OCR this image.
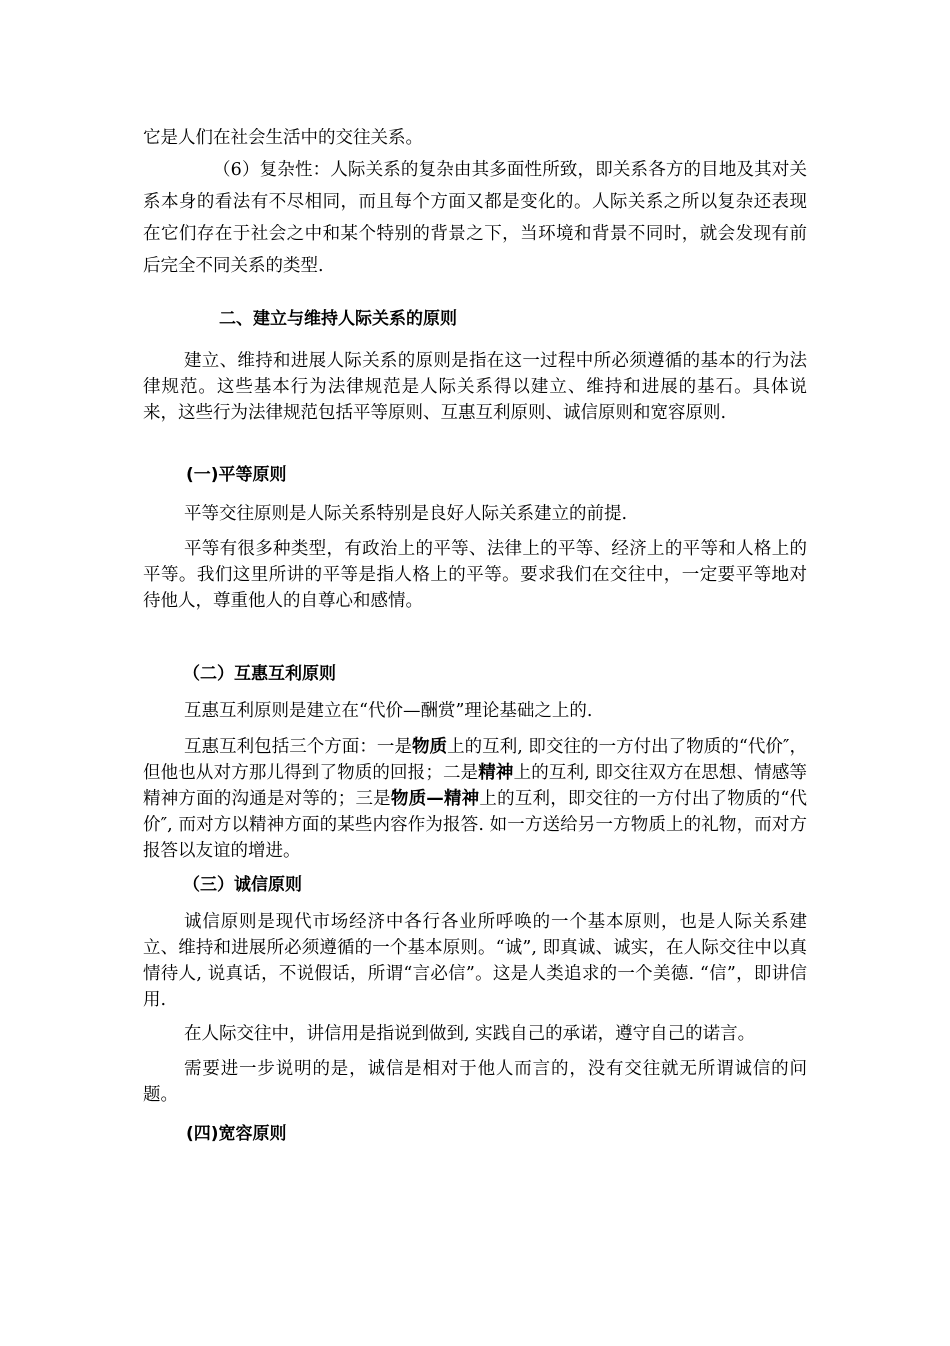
它是人们在社会生活中的交往关系。

（6）复杂性：人际关系的复杂由其多面性所致，即关系各方的目地及其对关系本身的看法有不尽相同，而且每个方面又都是变化的。人际关系之所以复杂还表现在它们存在于社会之中和某个特别的背景之下，当环境和背景不同时，就会发现有前后完全不同关系的类型.

二、建立与维持人际关系的原则

建立、维持和进展人际关系的原则是指在这一过程中所必须遵循的基本的行为法律规范。这些基本行为法律规范是人际关系得以建立、维持和进展的基石。具体说来，这些行为法律规范包括平等原则、互惠互利原则、诚信原则和宽容原则.

(一)平等原则

平等交往原则是人际关系特别是良好人际关系建立的前提.

平等有很多种类型，有政治上的平等、法律上的平等、经济上的平等和人格上的平等。我们这里所讲的平等是指人格上的平等。要求我们在交往中，一定要平等地对待他人，尊重他人的自尊心和感情。

（二）互惠互利原则

互惠互利原则是建立在“代价—酬赏”理论基础之上的.

互惠互利包括三个方面：一是物质上的互利, 即交往的一方付出了物质的“代价″，但他也从对方那儿得到了物质的回报；二是精神上的互利, 即交往双方在思想、情感等精神方面的沟通是对等的；三是物质—精神上的互利，即交往的一方付出了物质的“代价″, 而对方以精神方面的某些内容作为报答. 如一方送给另一方物质上的礼物，而对方报答以友谊的增进。

（三）诚信原则

诚信原则是现代市场经济中各行各业所呼唤的一个基本原则，也是人际关系建立、维持和进展所必须遵循的一个基本原则。“诚”, 即真诚、诚实，在人际交往中以真情待人, 说真话，不说假话，所谓“言必信”。这是人类追求的一个美德. “信”，即讲信用.

在人际交往中，讲信用是指说到做到, 实践自己的承诺，遵守自己的诺言。

需要进一步说明的是，诚信是相对于他人而言的，没有交往就无所谓诚信的问题。

(四)宽容原则
